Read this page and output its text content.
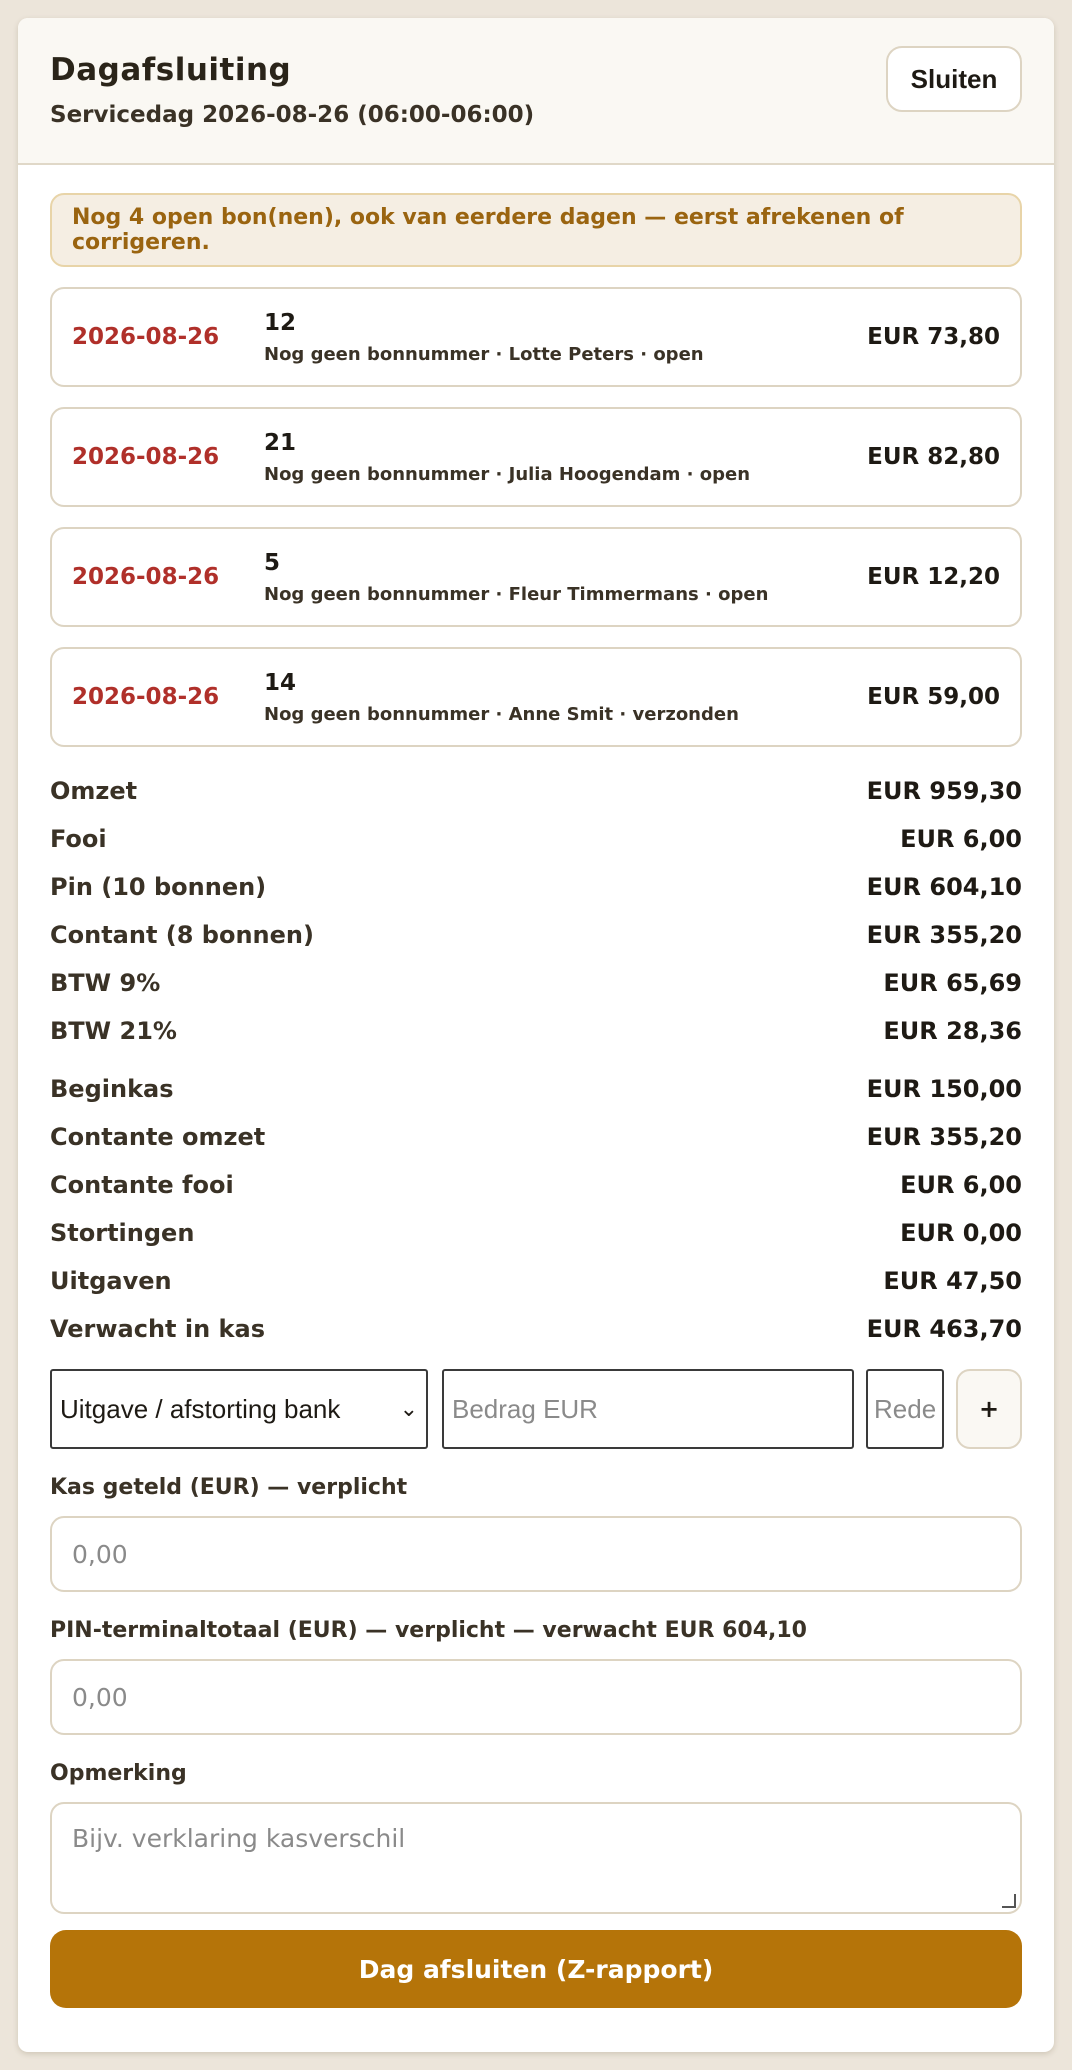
Dagafsluiting
Servicedag 2026-08-26 (06:00-06:00)
Sluiten
Nog 4 open bon(nen), ook van eerdere dagen — eerst afrekenen of corrigeren.
2026-08-26
12
Nog geen bonnummer · Lotte Peters · open
EUR 73,80
2026-08-26
21
Nog geen bonnummer · Julia Hoogendam · open
EUR 82,80
2026-08-26
5
Nog geen bonnummer · Fleur Timmermans · open
EUR 12,20
2026-08-26
14
Nog geen bonnummer · Anne Smit · verzonden
EUR 59,00
Omzet	EUR 959,30
Fooi	EUR 6,00
Pin (10 bonnen)	EUR 604,10
Contant (8 bonnen)	EUR 355,20
BTW 9%	EUR 65,69
BTW 21%	EUR 28,36
Beginkas	EUR 150,00
Contante omzet	EUR 355,20
Contante fooi	EUR 6,00
Stortingen	EUR 0,00
Uitgaven	EUR 47,50
Verwacht in kas	EUR 463,70
Uitgave / afstorting bank	⌄	Bedrag EUR	Rede	+
Kas geteld (EUR) — verplicht
0,00
PIN-terminaltotaal (EUR) — verplicht — verwacht EUR 604,10
0,00
Opmerking
Bijv. verklaring kasverschil
Dag afsluiten (Z-rapport)
